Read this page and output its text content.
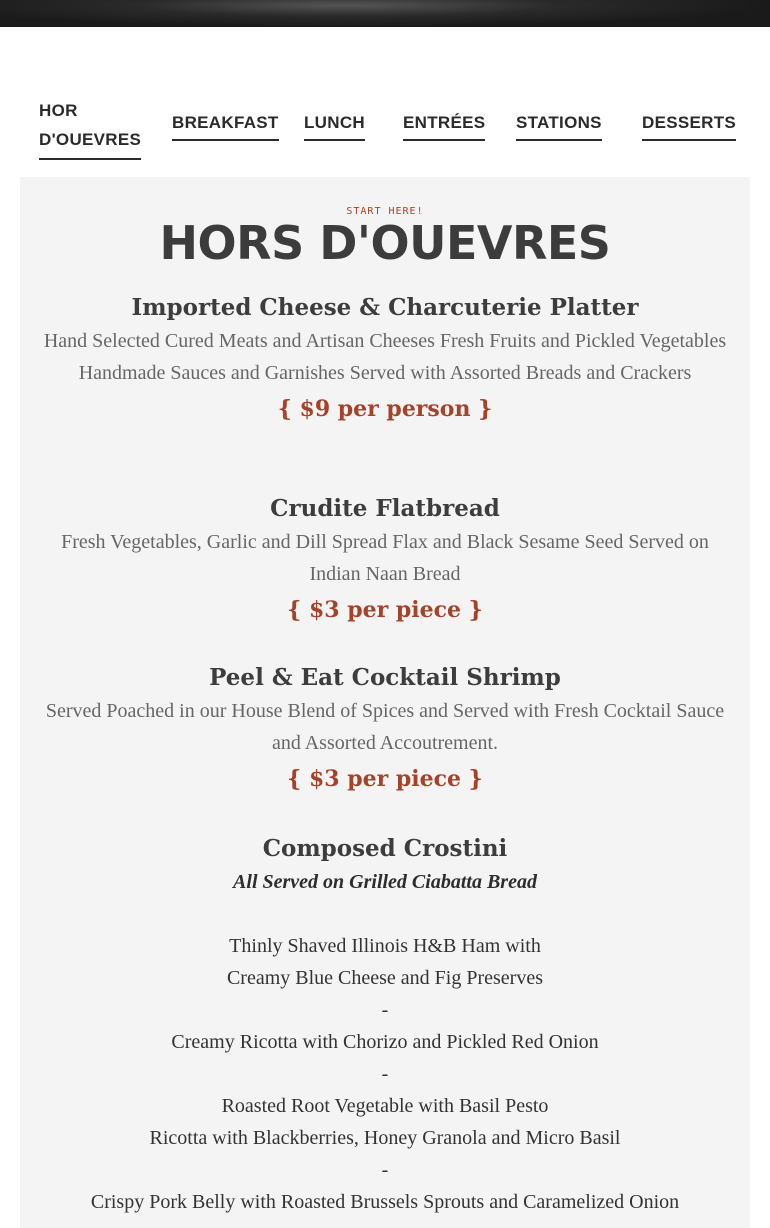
HOR
D'OUEVRES
BREAKFAST LUNCH ENTRÉES STATIONS DESSERTS
START HERE!
HORS D'OUEVRES
Imported Cheese & Charcuterie Platter
Hand Selected Cured Meats and Artisan Cheeses Fresh Fruits and Pickled Vegetables Handmade Sauces and Garnishes Served with Assorted Breads and Crackers
{ $9 per person }
Crudite Flatbread
Fresh Vegetables, Garlic and Dill Spread Flax and Black Sesame Seed Served on Indian Naan Bread
{ $3 per piece }
Peel & Eat Cocktail Shrimp
Served Poached in our House Blend of Spices and Served with Fresh Cocktail Sauce and Assorted Accoutrement.
{ $3 per piece }
Composed Crostini
All Served on Grilled Ciabatta Bread
Thinly Shaved Illinois H&B Ham with
Creamy Blue Cheese and Fig Preserves
-
Creamy Ricotta with Chorizo and Pickled Red Onion
-
Roasted Root Vegetable with Basil Pesto
Ricotta with Blackberries, Honey Granola and Micro Basil
-
Crispy Pork Belly with Roasted Brussels Sprouts and Caramelized Onion
